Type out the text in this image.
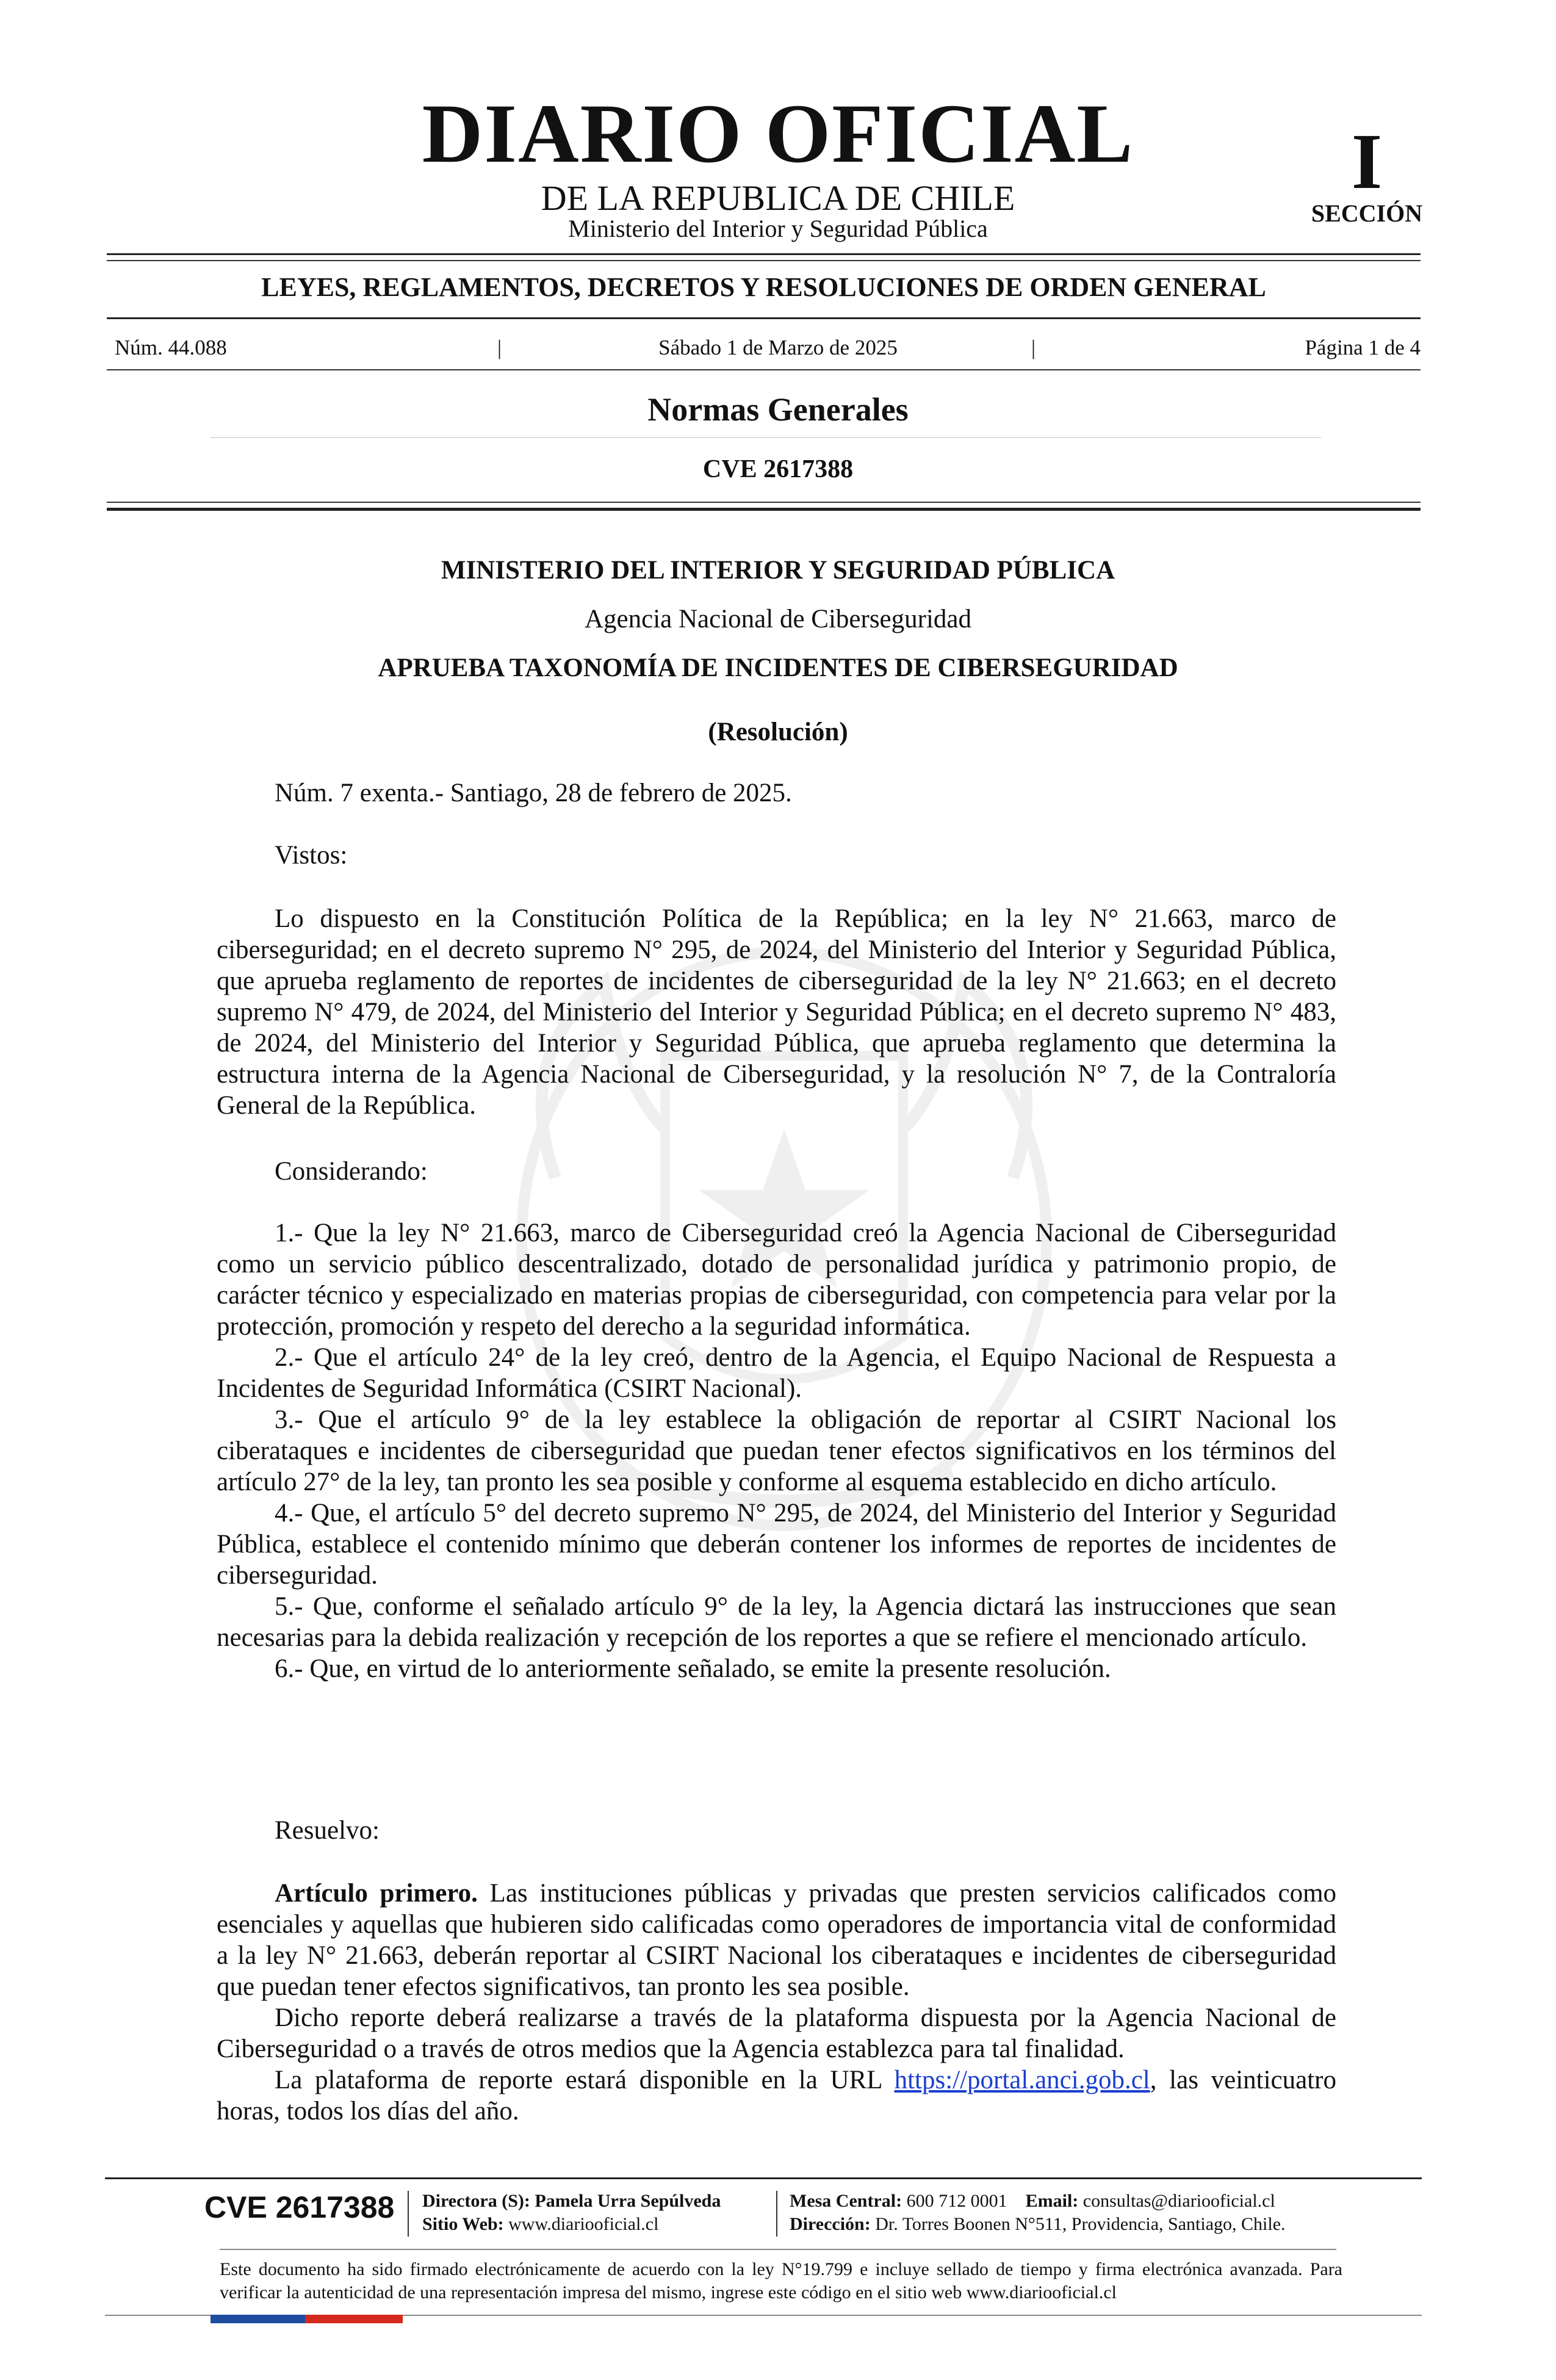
DIARIO OFICIAL
DE LA REPUBLICA DE CHILE
Ministerio del Interior y Seguridad Pública
I
SECCIÓN
LEYES, REGLAMENTOS, DECRETOS Y RESOLUCIONES DE ORDEN GENERAL
Núm. 44.088	|	Sábado 1 de Marzo de 2025	|	Página 1 de 4
Normas Generales
CVE 2617388
MINISTERIO DEL INTERIOR Y SEGURIDAD PÚBLICA
Agencia Nacional de Ciberseguridad
APRUEBA TAXONOMÍA DE INCIDENTES DE CIBERSEGURIDAD
(Resolución)
Núm. 7 exenta.- Santiago, 28 de febrero de 2025.
Vistos:

Lo dispuesto en la Constitución Política de la República; en la ley N° 21.663, marco de ciberseguridad; en el decreto supremo N° 295, de 2024, del Ministerio del Interior y Seguridad Pública, que aprueba reglamento de reportes de incidentes de ciberseguridad de la ley N° 21.663; en el decreto supremo N° 479, de 2024, del Ministerio del Interior y Seguridad Pública; en el decreto supremo N° 483, de 2024, del Ministerio del Interior y Seguridad Pública, que aprueba reglamento que determina la estructura interna de la Agencia Nacional de Ciberseguridad, y la resolución N° 7, de la Contraloría General de la República.

Considerando:

1.- Que la ley N° 21.663, marco de Ciberseguridad creó la Agencia Nacional de Ciberseguridad como un servicio público descentralizado, dotado de personalidad jurídica y patrimonio propio, de carácter técnico y especializado en materias propias de ciberseguridad, con competencia para velar por la protección, promoción y respeto del derecho a la seguridad informática.

2.- Que el artículo 24° de la ley creó, dentro de la Agencia, el Equipo Nacional de Respuesta a Incidentes de Seguridad Informática (CSIRT Nacional).

3.- Que el artículo 9° de la ley establece la obligación de reportar al CSIRT Nacional los ciberataques e incidentes de ciberseguridad que puedan tener efectos significativos en los términos del artículo 27° de la ley, tan pronto les sea posible y conforme al esquema establecido en dicho artículo.

4.- Que, el artículo 5° del decreto supremo N° 295, de 2024, del Ministerio del Interior y Seguridad Pública, establece el contenido mínimo que deberán contener los informes de reportes de incidentes de ciberseguridad.

5.- Que, conforme el señalado artículo 9° de la ley, la Agencia dictará las instrucciones que sean necesarias para la debida realización y recepción de los reportes a que se refiere el mencionado artículo.

6.- Que, en virtud de lo anteriormente señalado, se emite la presente resolución.

Resuelvo:

Artículo primero. Las instituciones públicas y privadas que presten servicios calificados como esenciales y aquellas que hubieren sido calificadas como operadores de importancia vital de conformidad a la ley N° 21.663, deberán reportar al CSIRT Nacional los ciberataques e incidentes de ciberseguridad que puedan tener efectos significativos, tan pronto les sea posible.

Dicho reporte deberá realizarse a través de la plataforma dispuesta por la Agencia Nacional de Ciberseguridad o a través de otros medios que la Agencia establezca para tal finalidad.

La plataforma de reporte estará disponible en la URL https://portal.anci.gob.cl, las veinticuatro horas, todos los días del año.

CVE 2617388 Directora (S): Pamela Urra Sepúlveda
Sitio Web: www.diariooficial.cl
Mesa Central: 600 712 0001 Email: consultas@diariooficial.cl
Dirección: Dr. Torres Boonen N°511, Providencia, Santiago, Chile.
Este documento ha sido firmado electrónicamente de acuerdo con la ley N°19.799 e incluye sellado de tiempo y firma electrónica avanzada. Para verificar la autenticidad de una representación impresa del mismo, ingrese este código en el sitio web www.diariooficial.cl
